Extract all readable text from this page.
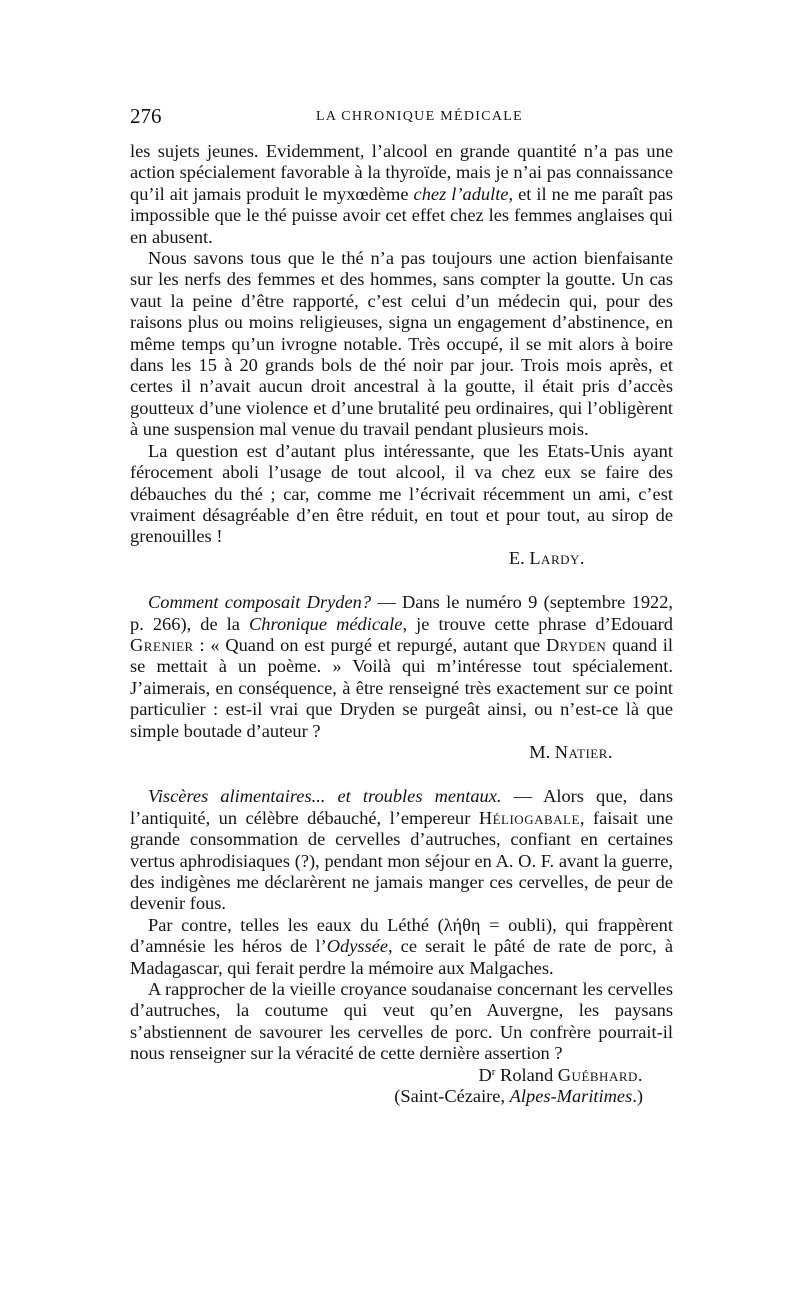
276	LA CHRONIQUE MÉDICALE

les sujets jeunes. Evidemment, l’alcool en grande quantité n’a pas une action spécialement favorable à la thyroïde, mais je n’ai pas connaissance qu’il ait jamais produit le myxœdème chez l’adulte, et il ne me paraît pas impossible que le thé puisse avoir cet effet chez les femmes anglaises qui en abusent.

Nous savons tous que le thé n’a pas toujours une action bienfaisante sur les nerfs des femmes et des hommes, sans compter la goutte. Un cas vaut la peine d’être rapporté, c’est celui d’un médecin qui, pour des raisons plus ou moins religieuses, signa un engagement d’abstinence, en même temps qu’un ivrogne notable. Très occupé, il se mit alors à boire dans les 15 à 20 grands bols de thé noir par jour. Trois mois après, et certes il n’avait aucun droit ancestral à la goutte, il était pris d’accès goutteux d’une violence et d’une brutalité peu ordinaires, qui l’obligèrent à une suspension mal venue du travail pendant plusieurs mois.

La question est d’autant plus intéressante, que les Etats-Unis ayant férocement aboli l’usage de tout alcool, il va chez eux se faire des débauches du thé ; car, comme me l’écrivait récemment un ami, c’est vraiment désagréable d’en être réduit, en tout et pour tout, au sirop de grenouilles !

E. Lardy.

Comment composait Dryden? — Dans le numéro 9 (septembre 1922, p. 266), de la Chronique médicale, je trouve cette phrase d’Edouard Grenier : « Quand on est purgé et repurgé, autant que Dryden quand il se mettait à un poème. » Voilà qui m’intéresse tout spécialement. J’aimerais, en conséquence, à être renseigné très exactement sur ce point particulier : est-il vrai que Dryden se purgeât ainsi, ou n’est-ce là que simple boutade d’auteur ?

M. Natier.

Viscères alimentaires... et troubles mentaux. — Alors que, dans l’antiquité, un célèbre débauché, l’empereur Héliogabale, faisait une grande consommation de cervelles d’autruches, confiant en certaines vertus aphrodisiaques (?), pendant mon séjour en A. O. F. avant la guerre, des indigènes me déclarèrent ne jamais manger ces cervelles, de peur de devenir fous.

Par contre, telles les eaux du Léthé (λήθη = oubli), qui frappèrent d’amnésie les héros de l’Odyssée, ce serait le pâté de rate de porc, à Madagascar, qui ferait perdre la mémoire aux Malgaches.

A rapprocher de la vieille croyance soudanaise concernant les cervelles d’autruches, la coutume qui veut qu’en Auvergne, les paysans s’abstiennent de savourer les cervelles de porc. Un confrère pourrait-il nous renseigner sur la véracité de cette dernière assertion ?

$D^r$ Roland Guébhard.

(Saint-Cézaire, Alpes-Maritimes.)
